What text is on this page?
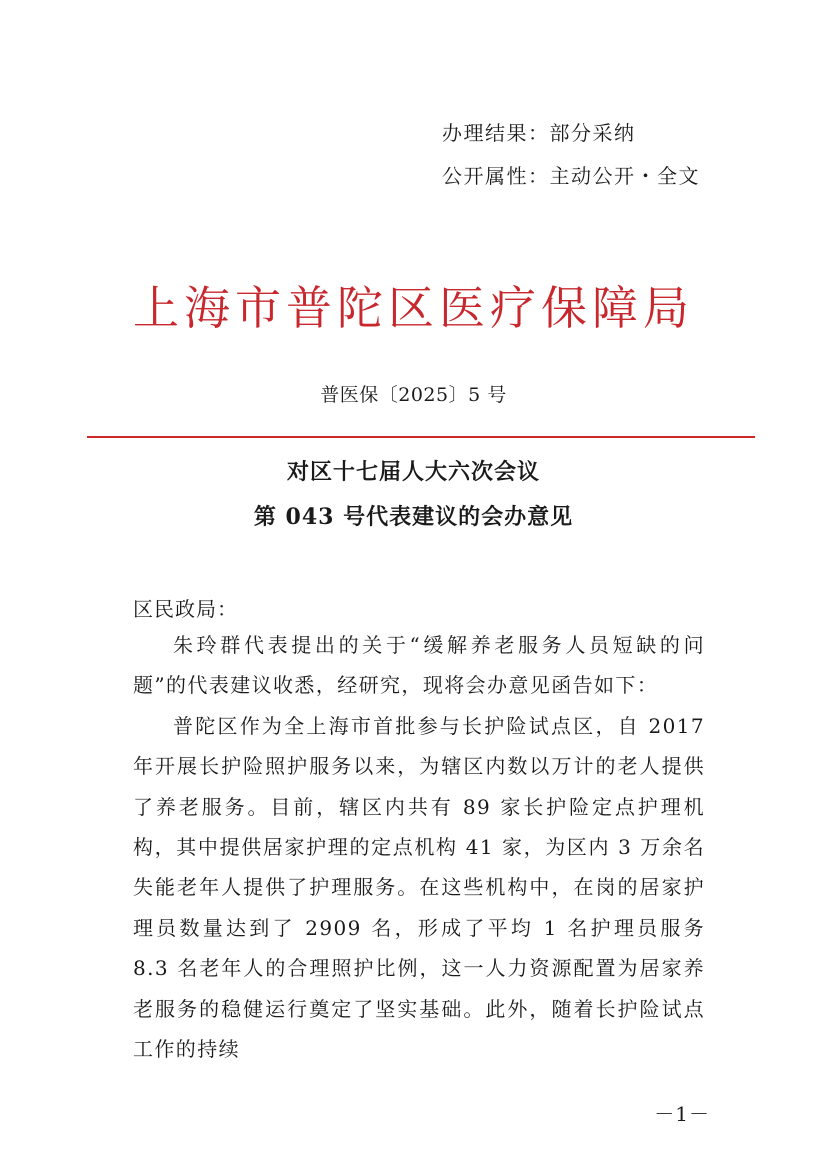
办理结果：部分采纳
公开属性：主动公开・全文
上海市普陀区医疗保障局
普医保〔2025〕5 号
对区十七届人大六次会议
第 043 号代表建议的会办意见
区民政局：

朱玲群代表提出的关于“缓解养老服务人员短缺的问题”的代表建议收悉，经研究，现将会办意见函告如下：

普陀区作为全上海市首批参与长护险试点区，自 2017 年开展长护险照护服务以来，为辖区内数以万计的老人提供了养老服务。目前，辖区内共有 89 家长护险定点护理机构，其中提供居家护理的定点机构 41 家，为区内 3 万余名失能老年人提供了护理服务。在这些机构中，在岗的居家护理员数量达到了 2909 名，形成了平均 1 名护理员服务 8.3 名老年人的合理照护比例，这一人力资源配置为居家养老服务的稳健运行奠定了坚实基础。此外，随着长护险试点工作的持续

－1－
